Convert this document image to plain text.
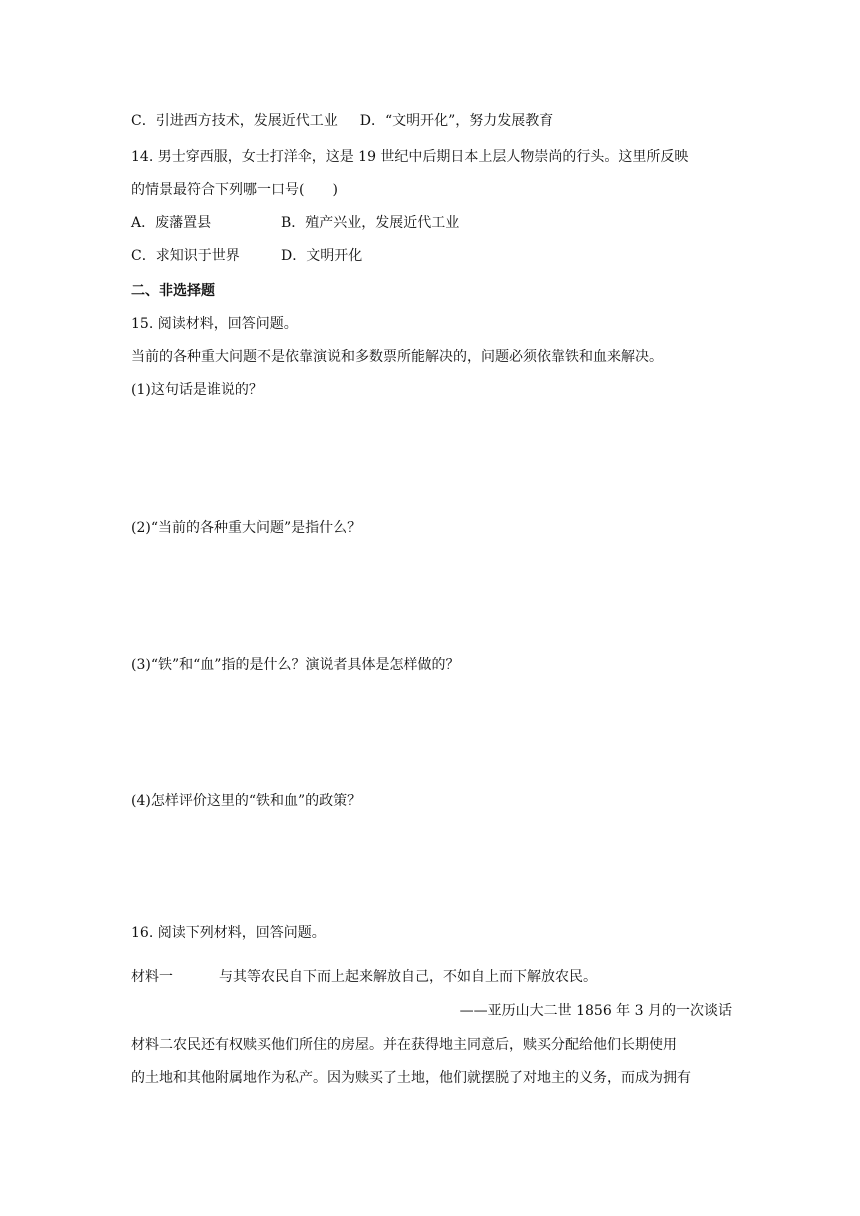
C．引进西方技术，发展近代工业 D．“文明开化”，努力发展教育
14. 男士穿西服，女士打洋伞，这是 19 世纪中后期日本上层人物崇尚的行头。这里所反映
的情景最符合下列哪一口号(　　)
A．废藩置县	B．殖产兴业，发展近代工业
C．求知识于世界	D．文明开化
二、非选择题
15. 阅读材料，回答问题。
当前的各种重大问题不是依靠演说和多数票所能解决的，问题必须依靠铁和血来解决。
(1)这句话是谁说的？
(2)“当前的各种重大问题”是指什么？
(3)“铁”和“血”指的是什么？演说者具体是怎样做的？
(4)怎样评价这里的“铁和血”的政策？
16. 阅读下列材料，回答问题。
材料一	与其等农民自下而上起来解放自己，不如自上而下解放农民。
——亚历山大二世 1856 年 3 月的一次谈话
材料二农民还有权赎买他们所住的房屋。并在获得地主同意后，赎买分配给他们长期使用
的土地和其他附属地作为私产。因为赎买了土地，他们就摆脱了对地主的义务，而成为拥有
